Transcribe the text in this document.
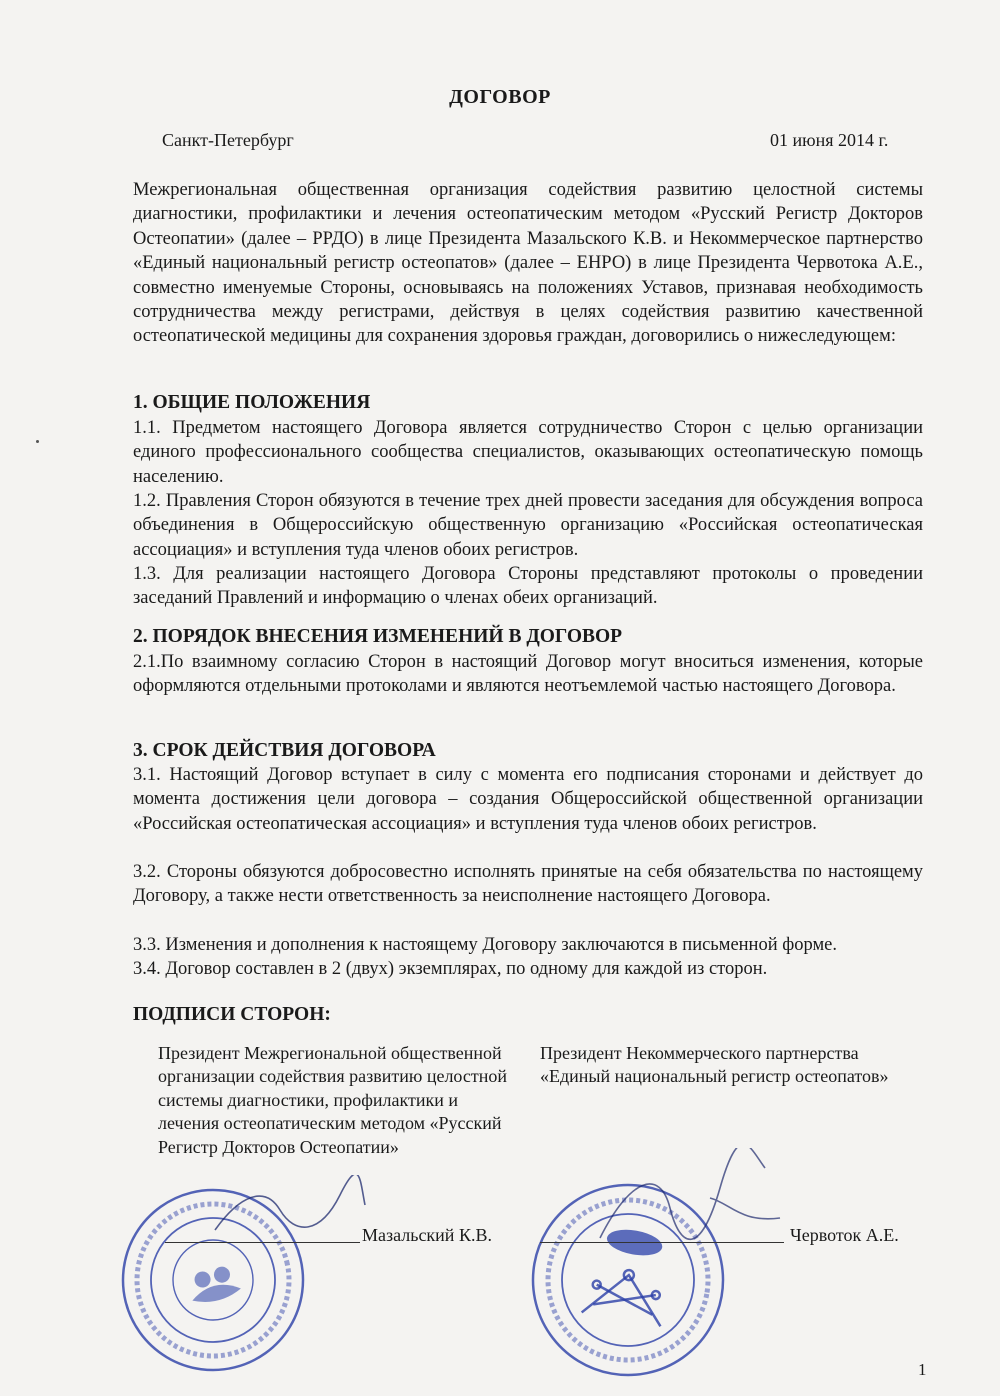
ДОГОВОР
Санкт-Петербург	01 июня 2014 г.
Межрегиональная общественная организация содействия развитию целостной системы диагностики, профилактики и лечения остеопатическим методом «Русский Регистр Докторов Остеопатии» (далее – РРДО) в лице Президента Мазальского К.В. и Некоммерческое партнерство «Единый национальный регистр остеопатов» (далее – ЕНРО) в лице Президента Червотока А.Е., совместно именуемые Стороны, основываясь на положениях Уставов, признавая необходимость сотрудничества между регистрами, действуя в целях содействия развитию качественной остеопатической медицины для сохранения здоровья граждан, договорились о нижеследующем:
1. ОБЩИЕ ПОЛОЖЕНИЯ
1.1. Предметом настоящего Договора является сотрудничество Сторон с целью организации единого профессионального сообщества специалистов, оказывающих остеопатическую помощь населению.
1.2. Правления Сторон обязуются в течение трех дней провести заседания для обсуждения вопроса объединения в Общероссийскую общественную организацию «Российская остеопатическая ассоциация» и вступления туда членов обоих регистров.
1.3. Для реализации настоящего Договора Стороны представляют протоколы о проведении заседаний Правлений и информацию о членах обеих организаций.
2. ПОРЯДОК ВНЕСЕНИЯ ИЗМЕНЕНИЙ В ДОГОВОР
2.1.По взаимному согласию Сторон в настоящий Договор могут вноситься изменения, которые оформляются отдельными протоколами и являются неотъемлемой частью настоящего Договора.
3. СРОК ДЕЙСТВИЯ ДОГОВОРА
3.1. Настоящий Договор вступает в силу с момента его подписания сторонами и действует до момента достижения цели договора – создания Общероссийской общественной организации «Российская остеопатическая ассоциация» и вступления туда членов обоих регистров.
3.2. Стороны обязуются добросовестно исполнять принятые на себя обязательства по настоящему Договору, а также нести ответственность за неисполнение настоящего Договора.
3.3. Изменения и дополнения к настоящему Договору заключаются в письменной форме.
3.4. Договор составлен в 2 (двух) экземплярах, по одному для каждой из сторон.
ПОДПИСИ СТОРОН:
Президент Межрегиональной общественной организации содействия развитию целостной системы диагностики, профилактики и лечения остеопатическим методом «Русский Регистр Докторов Остеопатии»
Президент Некоммерческого партнерства «Единый национальный регистр остеопатов»
Мазальский К.В.	Червоток А.Е.
1
